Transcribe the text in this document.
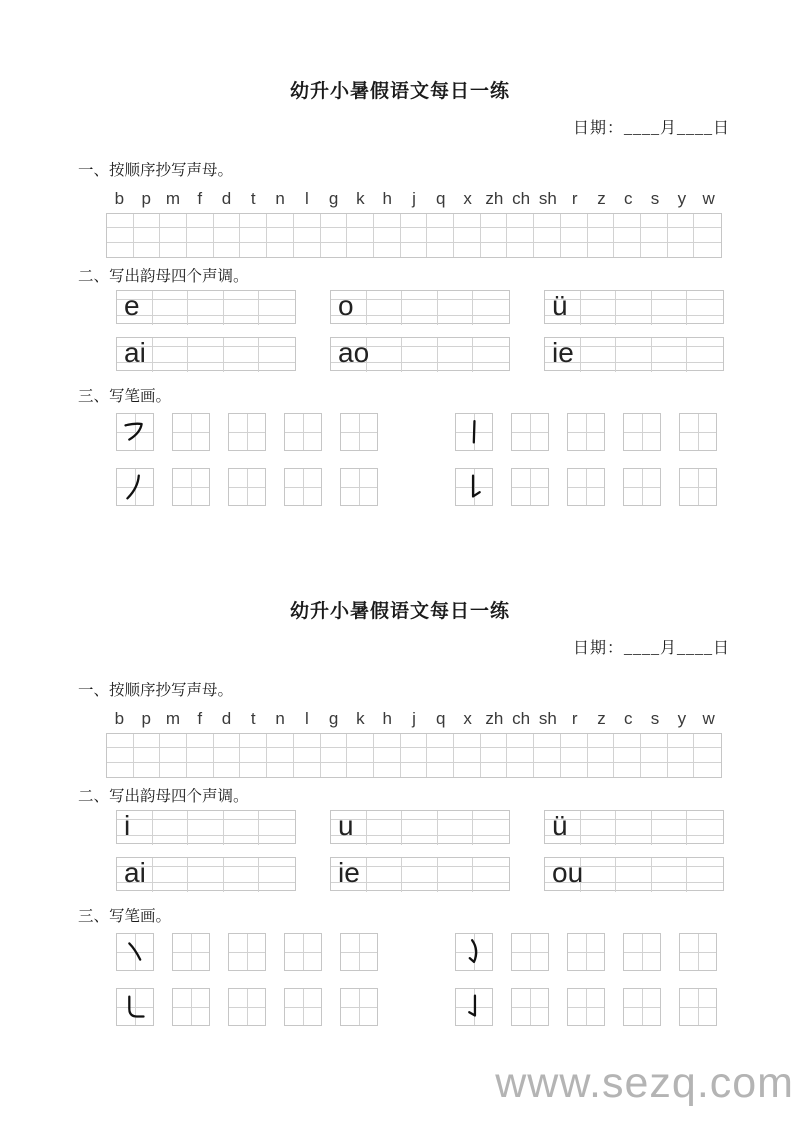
幼升小暑假语文每日一练
日期：____月____日
一、按顺序抄写声母。
b	p m	f	d	t	n	l	g	k	h	j	q	x zh ch sh r	z	c	s	y w
二、写出韵母四个声调。
e	o	ü
ai	ao	ie
三、写笔画。
幼升小暑假语文每日一练
日期：____月____日
一、按顺序抄写声母。
b	p m	f	d	t	n	l	g	k	h	j	q	x zh ch sh r	z	c	s	y w
二、写出韵母四个声调。
i	u	ü
ai	ie	ou
三、写笔画。
www.sezq.com
